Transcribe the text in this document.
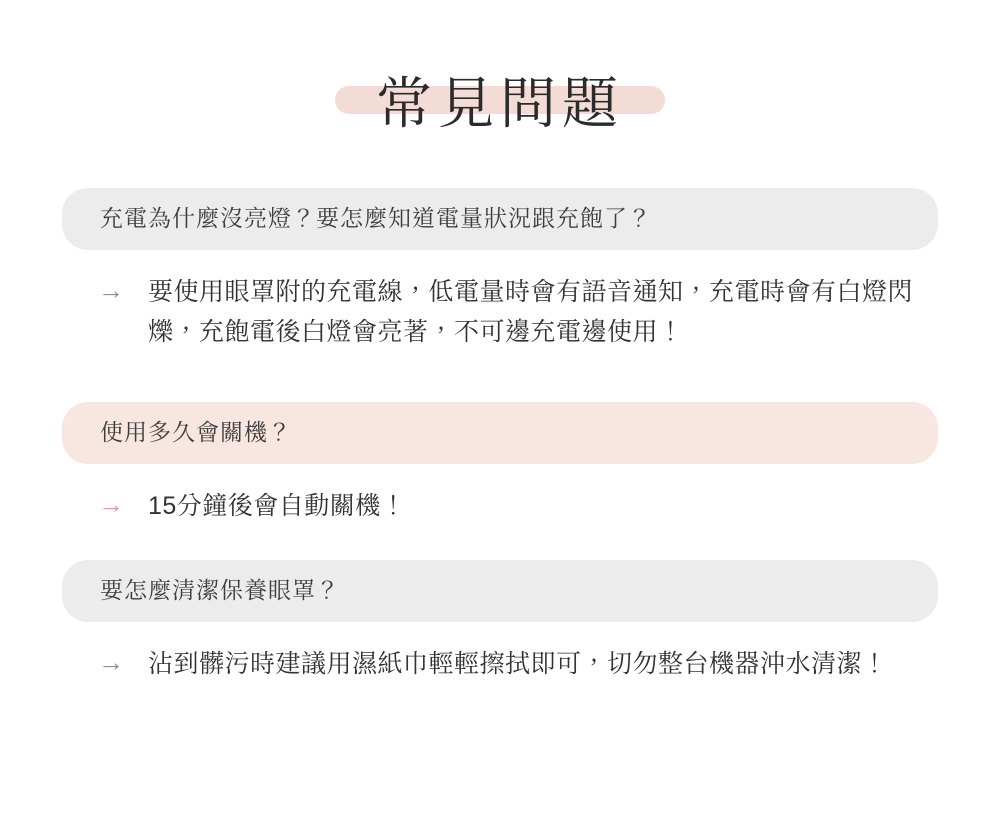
常見問題
充電為什麼沒亮燈？要怎麼知道電量狀況跟充飽了？
→ 要使用眼罩附的充電線，低電量時會有語音通知，充電時會有白燈閃爍，充飽電後白燈會亮著，不可邊充電邊使用！
使用多久會關機？
→ 15分鐘後會自動關機！
要怎麼清潔保養眼罩？
→ 沾到髒污時建議用濕紙巾輕輕擦拭即可，切勿整台機器沖水清潔！
